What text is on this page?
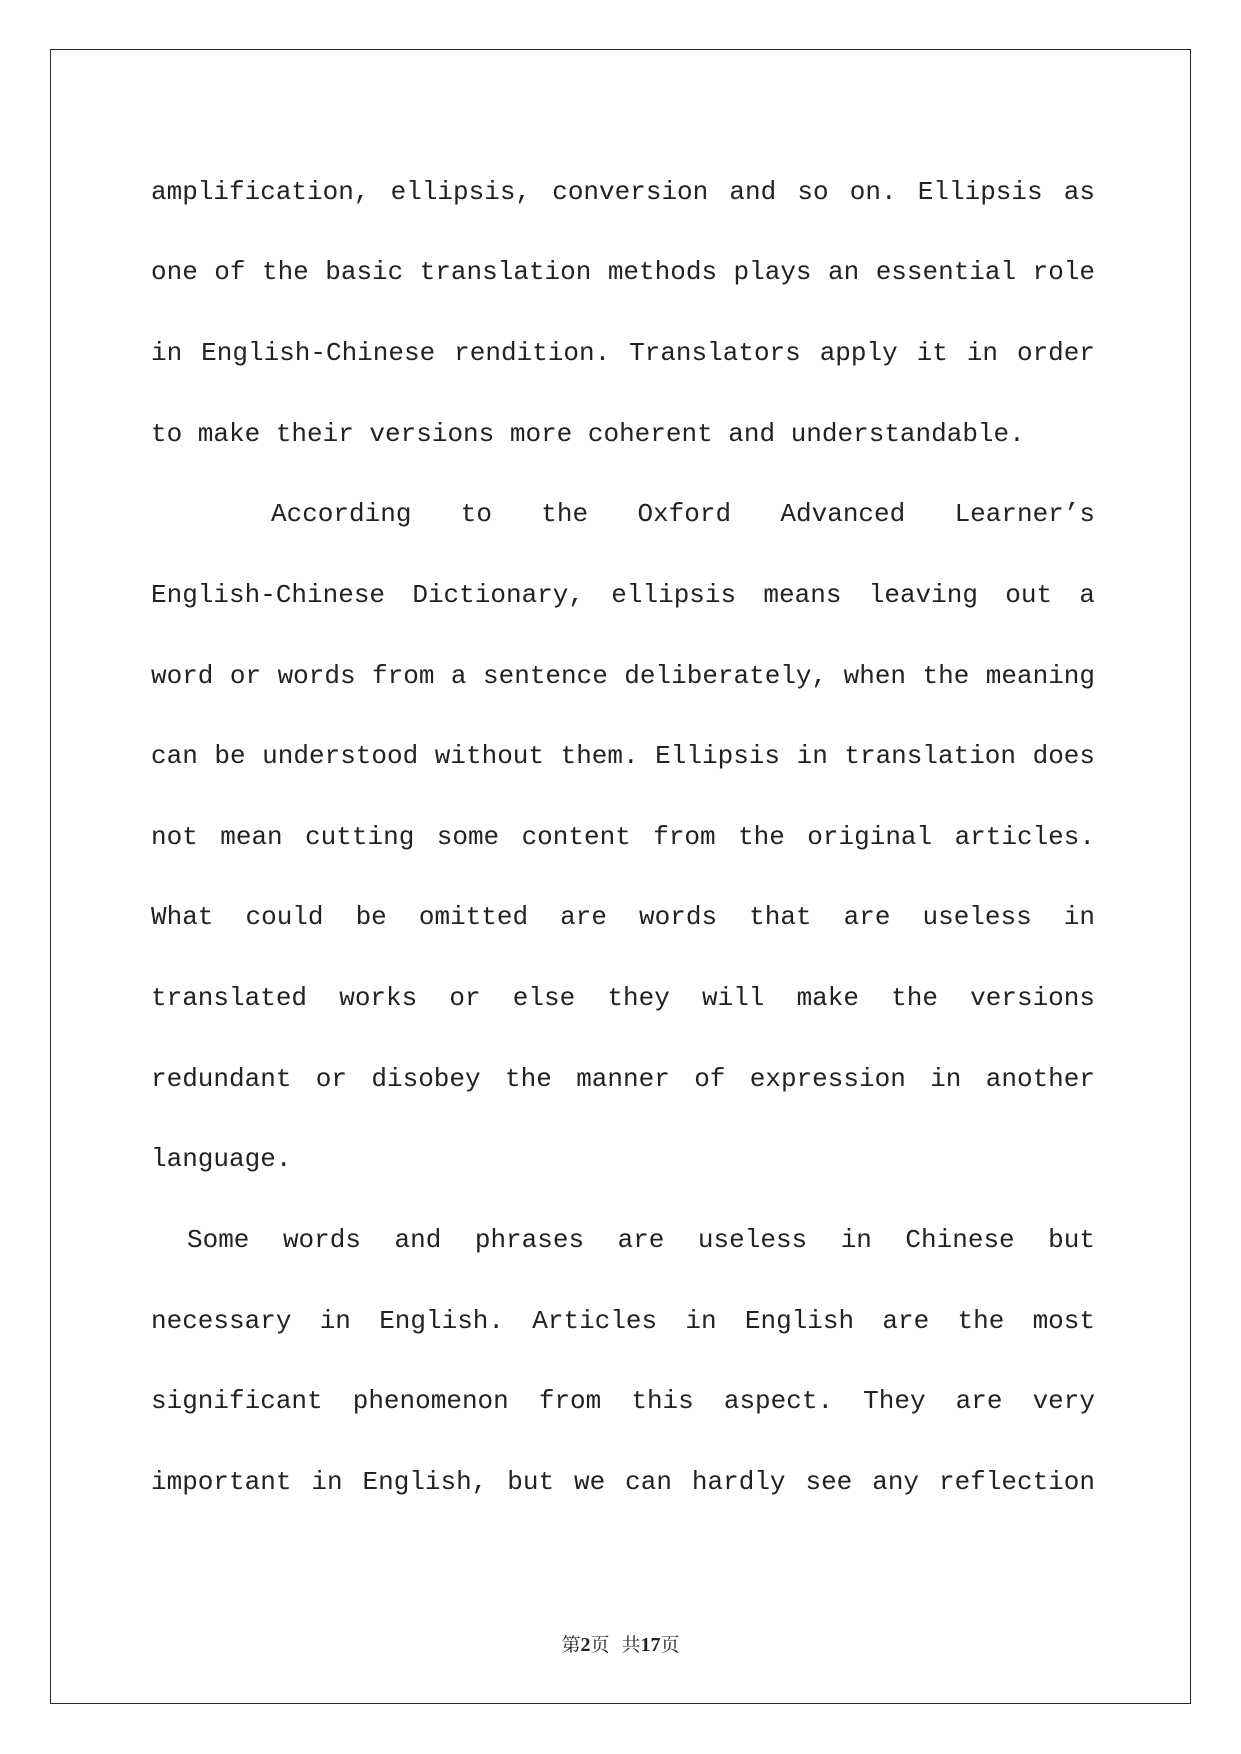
amplification, ellipsis, conversion and so on. Ellipsis as
one of the basic translation methods plays an essential role
in English-Chinese rendition. Translators apply it in order
to make their versions more coherent and understandable.
According to the Oxford Advanced Learner’s
English-Chinese Dictionary, ellipsis means leaving out a
word or words from a sentence deliberately, when the meaning
can be understood without them. Ellipsis in translation does
not mean cutting some content from the original articles.
What could be omitted are words that are useless in
translated works or else they will make the versions
redundant or disobey the manner of expression in another
language.
Some words and phrases are useless in Chinese but
necessary in English. Articles in English are the most
significant phenomenon from this aspect. They are very
important in English, but we can hardly see any reflection
第2页  共17页
